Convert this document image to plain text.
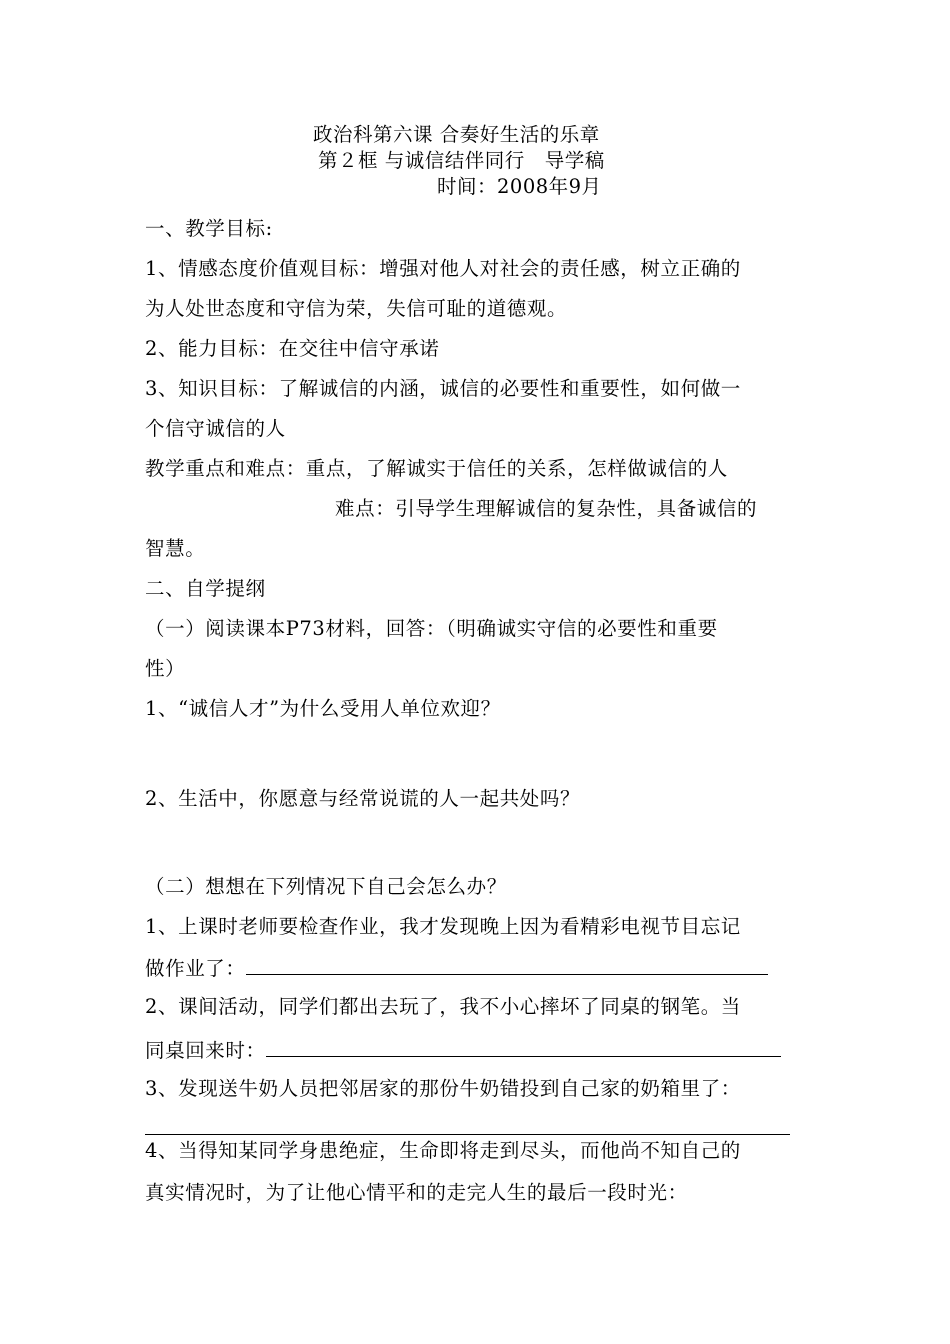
政治科第六课 合奏好生活的乐章
第２框 与诚信结伴同行　导学稿
时间：2008年9月
一、教学目标:
1、情感态度价值观目标：增强对他人对社会的责任感，树立正确的
为人处世态度和守信为荣，失信可耻的道德观。
2、能力目标：在交往中信守承诺
3、知识目标：了解诚信的内涵，诚信的必要性和重要性，如何做一
个信守诚信的人
教学重点和难点：重点，了解诚实于信任的关系，怎样做诚信的人
难点：引导学生理解诚信的复杂性，具备诚信的
智慧。
二、自学提纲
（一）阅读课本P73材料，回答：（明确诚实守信的必要性和重要
性）
1、“诚信人才”为什么受用人单位欢迎？
2、生活中，你愿意与经常说谎的人一起共处吗？
（二）想想在下列情况下自己会怎么办？
1、上课时老师要检查作业，我才发现晚上因为看精彩电视节目忘记
做作业了：
2、课间活动，同学们都出去玩了，我不小心摔坏了同桌的钢笔。当
同桌回来时：
3、发现送牛奶人员把邻居家的那份牛奶错投到自己家的奶箱里了：
4、当得知某同学身患绝症，生命即将走到尽头，而他尚不知自己的
真实情况时，为了让他心情平和的走完人生的最后一段时光：
